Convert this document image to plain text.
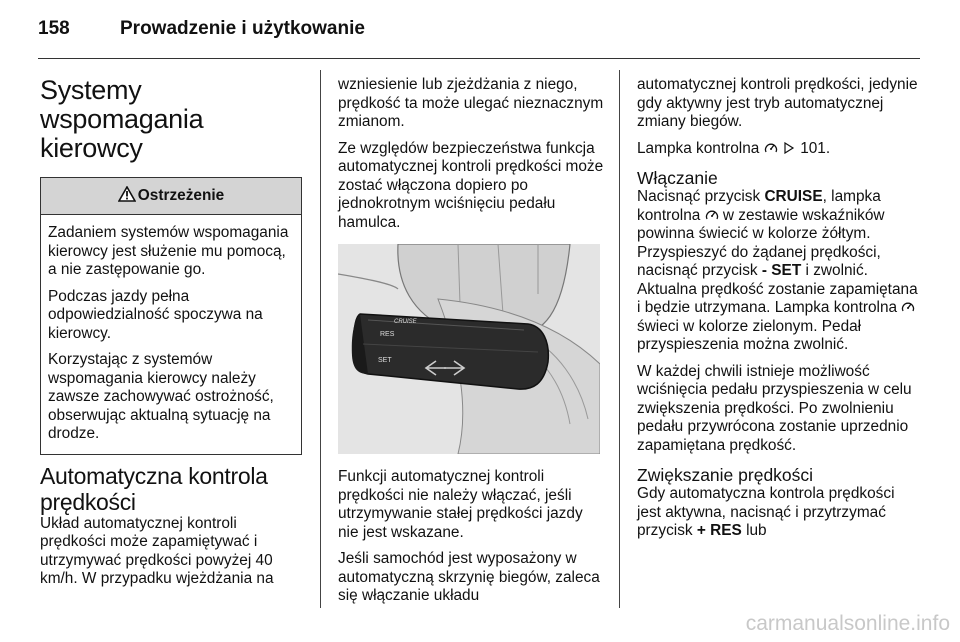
158	Prowadzenie i użytkowanie
Systemy wspomagania kierowcy
Ostrzeżenie

Zadaniem systemów wspomagania kierowcy jest służenie mu pomocą, a nie zastępowanie go.

Podczas jazdy pełna odpowiedzialność spoczywa na kierowcy.

Korzystając z systemów wspomagania kierowcy należy zawsze zachowywać ostrożność, obserwując aktualną sytuację na drodze.

Automatyczna kontrola prędkości

Układ automatycznej kontroli prędkości może zapamiętywać i utrzymywać prędkości powyżej 40 km/h. W przypadku wjeżdżania na

wzniesienie lub zjeżdżania z niego, prędkość ta może ulegać nieznacznym zmianom.

Ze względów bezpieczeństwa funkcja automatycznej kontroli prędkości może zostać włączona dopiero po jednokrotnym wciśnięciu pedału hamulca.

RES
SET
CRUISE

Funkcji automatycznej kontroli prędkości nie należy włączać, jeśli utrzymywanie stałej prędkości jazdy nie jest wskazane.

Jeśli samochód jest wyposażony w automatyczną skrzynię biegów, zaleca się włączanie układu

automatycznej kontroli prędkości, jedynie gdy aktywny jest tryb automatycznej zmiany biegów.

Lampka kontrolna	101.

Włączanie

Nacisnąć przycisk CRUISE, lampka kontrolna w zestawie wskaźników powinna świecić w kolorze żółtym. Przyspieszyć do żądanej prędkości, nacisnąć przycisk - SET i zwolnić. Aktualna prędkość zostanie zapamiętana i będzie utrzymana. Lampka kontrolna  świeci w kolorze zielonym. Pedał przyspieszenia można zwolnić.

W każdej chwili istnieje możliwość wciśnięcia pedału przyspieszenia w celu zwiększenia prędkości. Po zwolnieniu pedału przywrócona zostanie uprzednio zapamiętana prędkość.

Zwiększanie prędkości

Gdy automatyczna kontrola prędkości jest aktywna, nacisnąć i przytrzymać przycisk + RES lub

carmanualsonline.info
